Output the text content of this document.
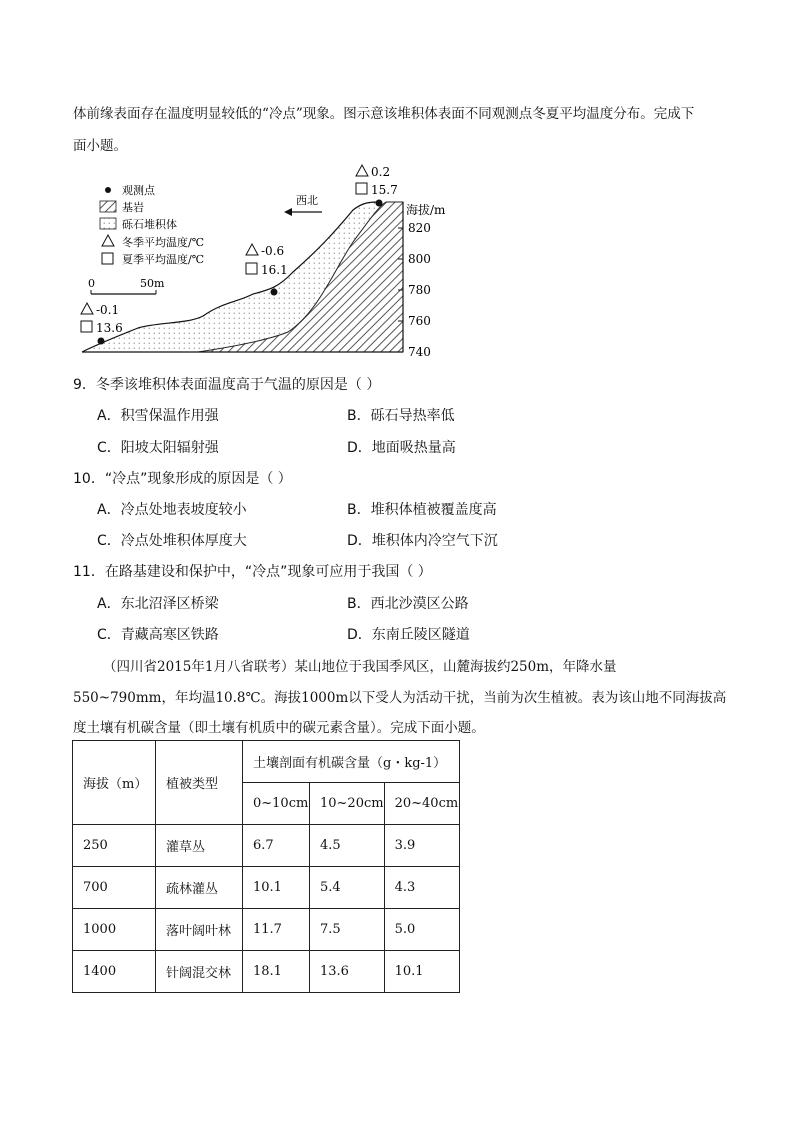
体前缘表面存在温度明显较低的“冷点”现象。图示意该堆积体表面不同观测点冬夏平均温度分布。完成下
面小题。
海拔/m
820
800
780
760
740
观测点
基岩
砾石堆积体
冬季平均温度/℃
夏季平均温度/℃
0	50m
西北
-0.1
13.6
-0.6
16.1
0.2
15.7
9．冬季该堆积体表面温度高于气温的原因是（ ）
A．积雪保温作用强	B．砾石导热率低
C．阳坡太阳辐射强	D．地面吸热量高
10．“冷点”现象形成的原因是（ ）
A．冷点处地表坡度较小	B．堆积体植被覆盖度高
C．冷点处堆积体厚度大	D．堆积体内冷空气下沉
11．在路基建设和保护中，“冷点”现象可应用于我国（ ）
A．东北沼泽区桥梁	B．西北沙漠区公路
C．青藏高寒区铁路	D．东南丘陵区隧道
（四川省2015年1月八省联考）某山地位于我国季风区，山麓海拔约250m，年降水量
550~790mm，年均温10.8℃。海拔1000m以下受人为活动干扰，当前为次生植被。表为该山地不同海拔高
度土壤有机碳含量（即土壤有机质中的碳元素含量）。完成下面小题。
海拔（m）	植被类型	土壤剖面有机碳含量（g・kg-1）		
		0~10cm	10~20cm	20~40cm
250	灌草丛	6.7	4.5	3.9
700	疏林灌丛	10.1	5.4	4.3
1000	落叶阔叶林	11.7	7.5	5.0
1400	针阔混交林	18.1	13.6	10.1
